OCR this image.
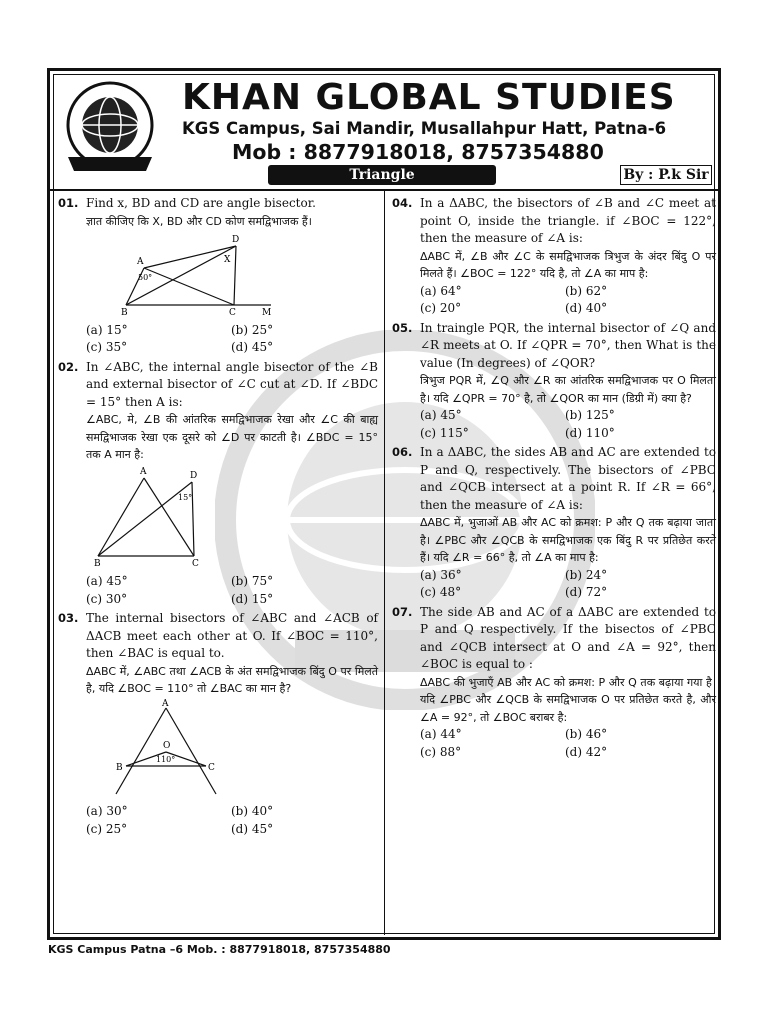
KHAN GLOBAL STUDIES
KGS Campus, Sai Mandir, Musallahpur Hatt, Patna-6
Mob : 8877918018, 8757354880
Triangle	By : P.k Sir
01. Find x, BD and CD are angle bisector.
ज्ञात कीजिए कि X, BD और CD कोण समद्विभाजक हैं।
D
A	X
50°
B	C	M
(a) 15°	(b) 25°
(c) 35°	(d) 45°
02. In ∠ABC, the internal angle bisector of the ∠B and external bisector of ∠C cut at ∠D. If ∠BDC = 15° then A is:
∠ABC, मे, ∠B की आंतरिक समद्विभाजक रेखा और ∠C की बाह्य समद्विभाजक रेखा एक दूसरे को ∠D पर काटती है। ∠BDC = 15° तक A मान है:
A	D
15°
B	C
(a) 45°	(b) 75°
(c) 30°	(d) 15°
03. The internal bisectors of ∠ABC and ∠ACB of ΔACB meet each other at O. If ∠BOC = 110°, then ∠BAC is equal to.
ΔABC में, ∠ABC तथा ∠ACB के अंत समद्विभाजक बिंदु O पर मिलते है, यदि ∠BOC = 110° तो ∠BAC का मान है?
A
O
110°
B	C
(a) 30°	(b) 40°
(c) 25°	(d) 45°
04. In a ΔABC, the bisectors of ∠B and ∠C meet at point O, inside the triangle. if ∠BOC = 122°, then the measure of ∠A is:
ΔABC में, ∠B और ∠C के समद्विभाजक त्रिभुज के अंदर बिंदु O पर मिलते हैं। ∠BOC = 122° यदि है, तो ∠A का माप है:
(a) 64°	(b) 62°
(c) 20°	(d) 40°
05. In traingle PQR, the internal bisector of ∠Q and ∠R meets at O. If ∠QPR = 70°, then What is the value (In degrees) of ∠QOR?
त्रिभुज PQR में, ∠Q और ∠R का आंतरिक समद्विभाजक पर O मिलता है। यदि ∠QPR = 70° है, तो ∠QOR का मान (डिग्री में) क्या है?
(a) 45°	(b) 125°
(c) 115°	(d) 110°
06. In a ΔABC, the sides AB and AC are extended to P and Q, respectively. The bisectors of ∠PBC and ∠QCB intersect at a point R. If ∠R = 66°, then the measure of ∠A is:
ΔABC में, भुजाओं AB और AC को क्रमश: P और Q तक बढ़ाया जाता है। ∠PBC और ∠QCB के समद्विभाजक एक बिंदु R पर प्रतिछेत करते हैं। यदि ∠R = 66° है, तो ∠A का माप है:
(a) 36°	(b) 24°
(c) 48°	(d) 72°
07. The side AB and AC of a ΔABC are extended to P and Q respectively. If the bisectos of ∠PBC and ∠QCB intersect at O and ∠A = 92°, then ∠BOC is equal to :
ΔABC की भुजाएँ AB और AC को क्रमश: P और Q तक बढ़ाया गया है। यदि ∠PBC और ∠QCB के समद्विभाजक O पर प्रतिछेत करते है, और ∠A = 92°, तो ∠BOC बराबर है:
(a) 44°	(b) 46°
(c) 88°	(d) 42°
KGS Campus Patna –6 Mob. : 8877918018, 8757354880
